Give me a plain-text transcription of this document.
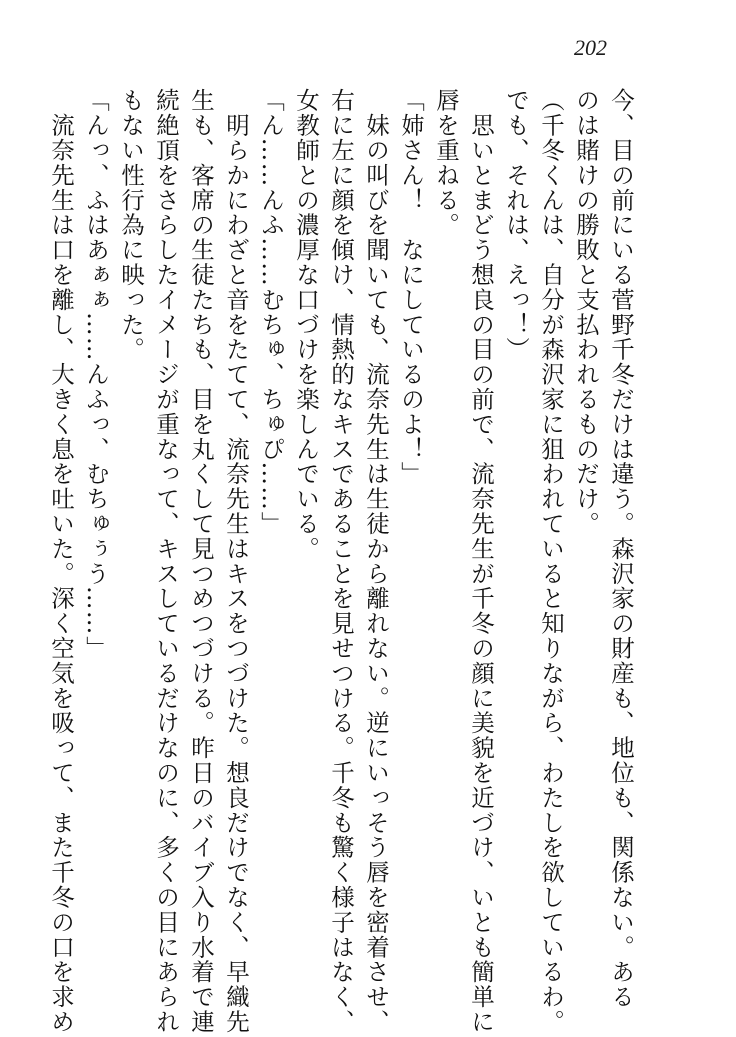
202
今、目の前にいる菅野千冬だけは違う。森沢家の財産も、地位も、関係ない。ある
のは賭けの勝敗と支払われるものだけ。
（千冬くんは、自分が森沢家に狙われていると知りながら、わたしを欲しているわ。
でも、それは、えっ！）
　思いとまどう想良の目の前で、流奈先生が千冬の顔に美貌を近づけ、いとも簡単に
唇を重ねる。
「姉さん！　なにしているのよ！」
　妹の叫びを聞いても、流奈先生は生徒から離れない。逆にいっそう唇を密着させ、
右に左に顔を傾け、情熱的なキスであることを見せつける。千冬も驚く様子はなく、
女教師との濃厚な口づけを楽しんでいる。
「ん……んふ……むちゅ、ちゅぴ……」
　明らかにわざと音をたてて、流奈先生はキスをつづけた。想良だけでなく、早織先
生も、客席の生徒たちも、目を丸くして見つめつづける。昨日のバイブ入り水着で連
続絶頂をさらしたイメージが重なって、キスしているだけなのに、多くの目にあられ
もない性行為に映った。
「んっ、ふはあぁぁ……んふっ、むちゅぅう……」
　流奈先生は口を離し、大きく息を吐いた。深く空気を吸って、また千冬の口を求め
